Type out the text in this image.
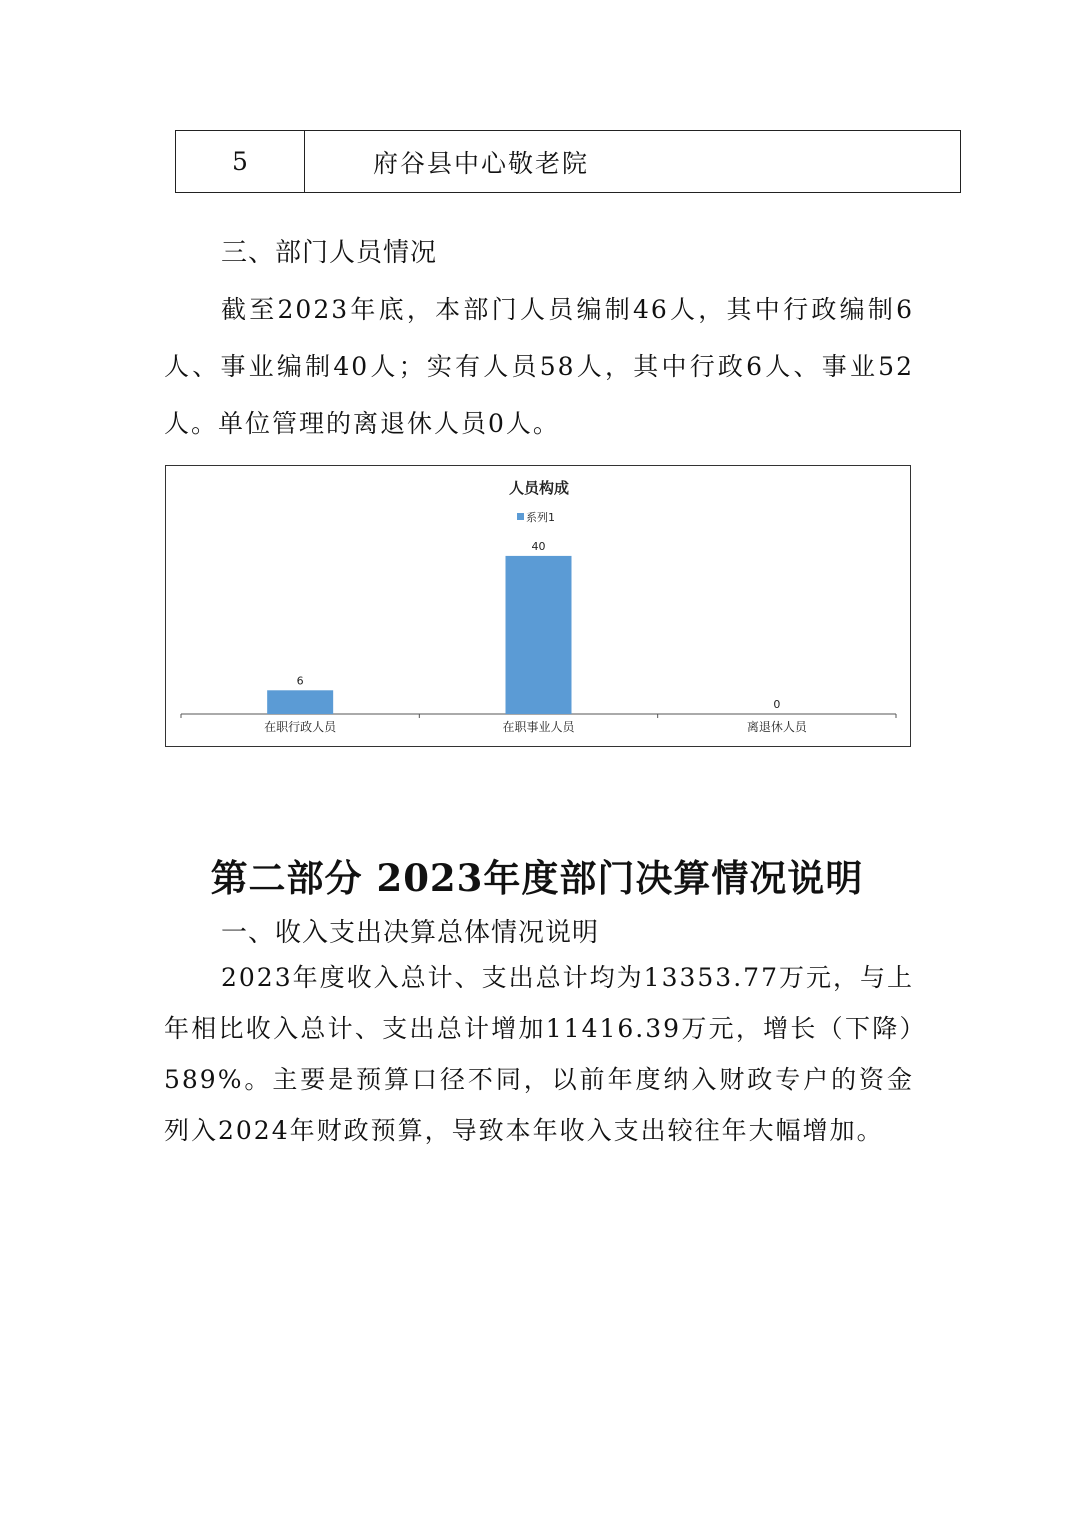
5	府谷县中心敬老院
三、部门人员情况

截至2023年底，本部门人员编制46人，其中行政编制6人、事业编制40人；实有人员58人，其中行政6人、事业52人。单位管理的离退休人员0人。

人员构成
系列1
6
在职行政人员
40
在职事业人员
0
离退休人员
第二部分 2023年度部门决算情况说明
一、收入支出决算总体情况说明

2023年度收入总计、支出总计均为13353.77万元，与上年相比收入总计、支出总计增加11416.39万元，增长（下降）589%。主要是预算口径不同，以前年度纳入财政专户的资金列入2024年财政预算，导致本年收入支出较往年大幅增加。
